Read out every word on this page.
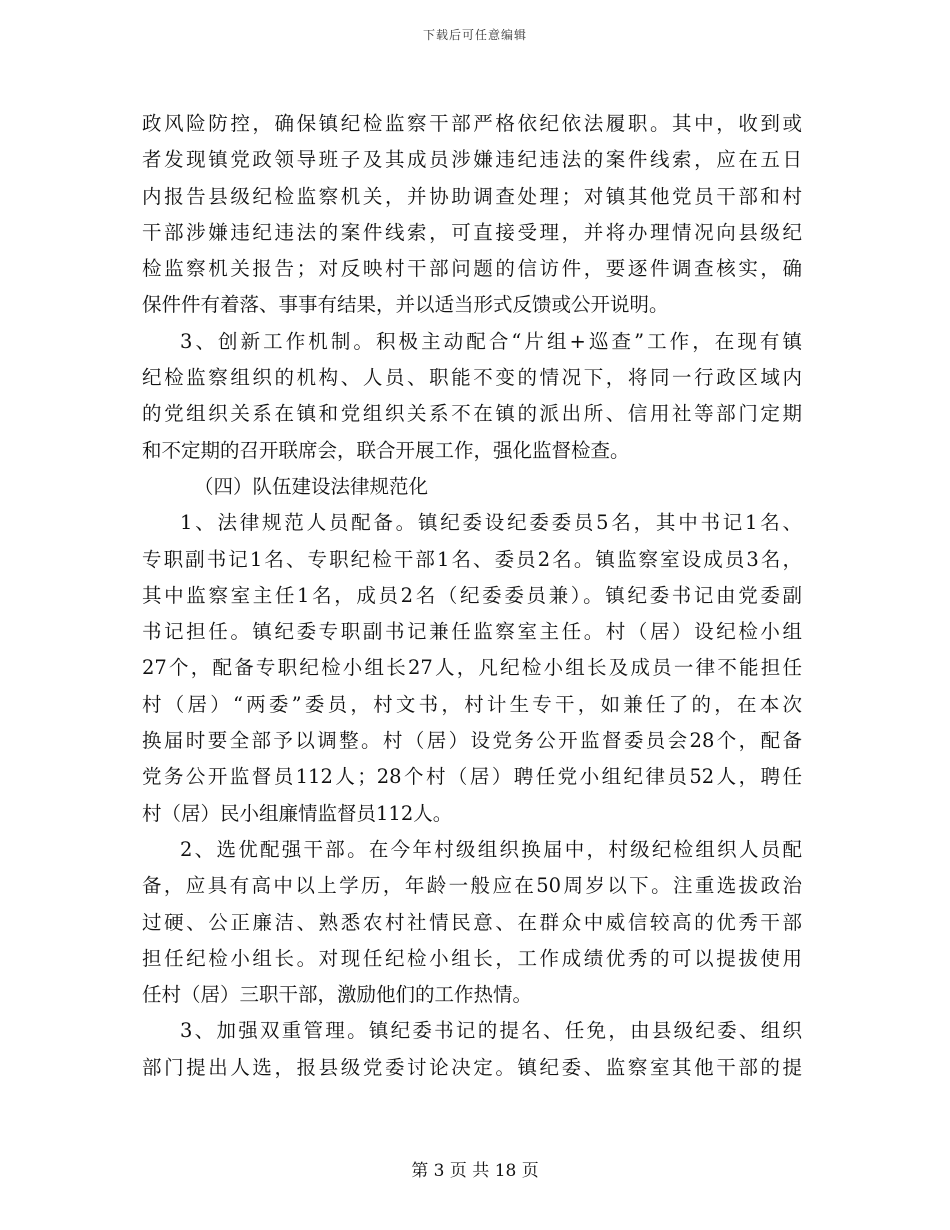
下载后可任意编辑
政风险防控，确保镇纪检监察干部严格依纪依法履职。其中，收到或
者发现镇党政领导班子及其成员涉嫌违纪违法的案件线索，应在五日
内报告县级纪检监察机关，并协助调查处理；对镇其他党员干部和村
干部涉嫌违纪违法的案件线索，可直接受理，并将办理情况向县级纪
检监察机关报告；对反映村干部问题的信访件，要逐件调查核实，确
保件件有着落、事事有结果，并以适当形式反馈或公开说明。
3、创新工作机制。积极主动配合“片组+巡查”工作，在现有镇
纪检监察组织的机构、人员、职能不变的情况下，将同一行政区域内
的党组织关系在镇和党组织关系不在镇的派出所、信用社等部门定期
和不定期的召开联席会，联合开展工作，强化监督检查。
（四）队伍建设法律规范化
1、法律规范人员配备。镇纪委设纪委委员5名，其中书记1名、
专职副书记1名、专职纪检干部1名、委员2名。镇监察室设成员3名，
其中监察室主任1名，成员2名（纪委委员兼）。镇纪委书记由党委副
书记担任。镇纪委专职副书记兼任监察室主任。村（居）设纪检小组
27个，配备专职纪检小组长27人，凡纪检小组长及成员一律不能担任
村（居）“两委”委员，村文书，村计生专干，如兼任了的，在本次
换届时要全部予以调整。村（居）设党务公开监督委员会28个，配备
党务公开监督员112人；28个村（居）聘任党小组纪律员52人，聘任
村（居）民小组廉情监督员112人。
2、选优配强干部。在今年村级组织换届中，村级纪检组织人员配
备，应具有高中以上学历，年龄一般应在50周岁以下。注重选拔政治
过硬、公正廉洁、熟悉农村社情民意、在群众中威信较高的优秀干部
担任纪检小组长。对现任纪检小组长，工作成绩优秀的可以提拔使用
任村（居）三职干部，激励他们的工作热情。
3、加强双重管理。镇纪委书记的提名、任免，由县级纪委、组织
部门提出人选，报县级党委讨论决定。镇纪委、监察室其他干部的提
第 3 页 共 18 页
